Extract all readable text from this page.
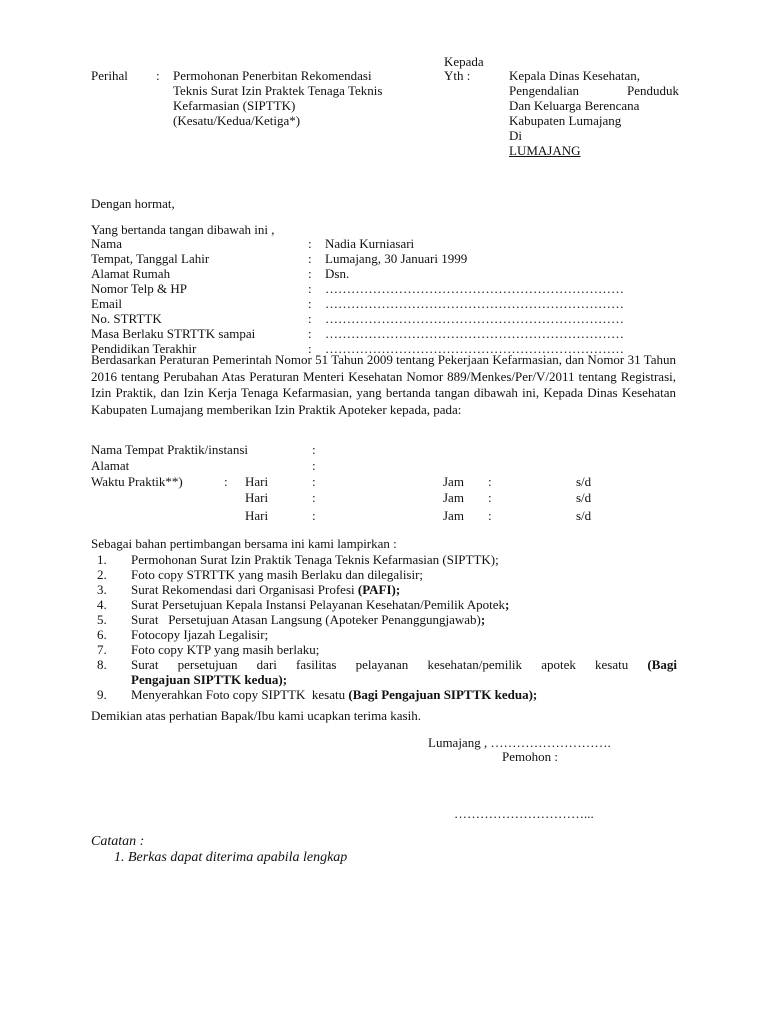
Kepada
Perihal : Permohonan Penerbitan Rekomendasi
Teknis Surat Izin Praktek Tenaga Teknis
Kefarmasian (SIPTTK)
(Kesatu/Kedua/Ketiga*)
Yth :	Kepala Dinas Kesehatan,
Pengendalian	Penduduk
Dan Keluarga Berencana
Kabupaten Lumajang
Di
LUMAJANG
Dengan hormat,
Yang bertanda tangan dibawah ini ,
Nama	: Nadia Kurniasari
Tempat, Tanggal Lahir	: Lumajang, 30 Januari 1999
Alamat Rumah	: Dsn.
Nomor Telp & HP	: ……………………………………………………………
Email	: ……………………………………………………………
No. STRTTK	: ……………………………………………………………
Masa Berlaku STRTTK sampai	: ……………………………………………………………
Pendidikan Terakhir	: ……………………………………………………………
Berdasarkan Peraturan Pemerintah Nomor 51 Tahun 2009 tentang Pekerjaan Kefarmasian, dan Nomor 31 Tahun 2016 tentang Perubahan Atas Peraturan Menteri Kesehatan Nomor 889/Menkes/Per/V/2011 tentang Registrasi, Izin Praktik, dan Izin Kerja Tenaga Kefarmasian, yang bertanda tangan dibawah ini, Kepada Dinas Kesehatan Kabupaten Lumajang memberikan Izin Praktik Apoteker kepada, pada:
Nama Tempat Praktik/instansi	:
Alamat	:
Waktu Praktik**)	: Hari	:	Jam :	s/d
Hari	:	Jam :	s/d
Hari	:	Jam :	s/d
Sebagai bahan pertimbangan bersama ini kami lampirkan :
1. Permohonan Surat Izin Praktik Tenaga Teknis Kefarmasian (SIPTTK);
2. Foto copy STRTTK yang masih Berlaku dan dilegalisir;
3. Surat Rekomendasi dari Organisasi Profesi (PAFI);
4. Surat Persetujuan Kepala Instansi Pelayanan Kesehatan/Pemilik Apotek;
5. Surat   Persetujuan Atasan Langsung (Apoteker Penanggungjawab);
6. Fotocopy Ijazah Legalisir;
7. Foto copy KTP yang masih berlaku;
8. Surat persetujuan dari fasilitas pelayanan kesehatan/pemilik apotek kesatu (Bagi
Pengajuan SIPTTK kedua);
9. Menyerahkan Foto copy SIPTTK  kesatu (Bagi Pengajuan SIPTTK kedua);
Demikian atas perhatian Bapak/Ibu kami ucapkan terima kasih.
Lumajang , ……………………….
Pemohon :
…………………………...
Catatan :
1. Berkas dapat diterima apabila lengkap
